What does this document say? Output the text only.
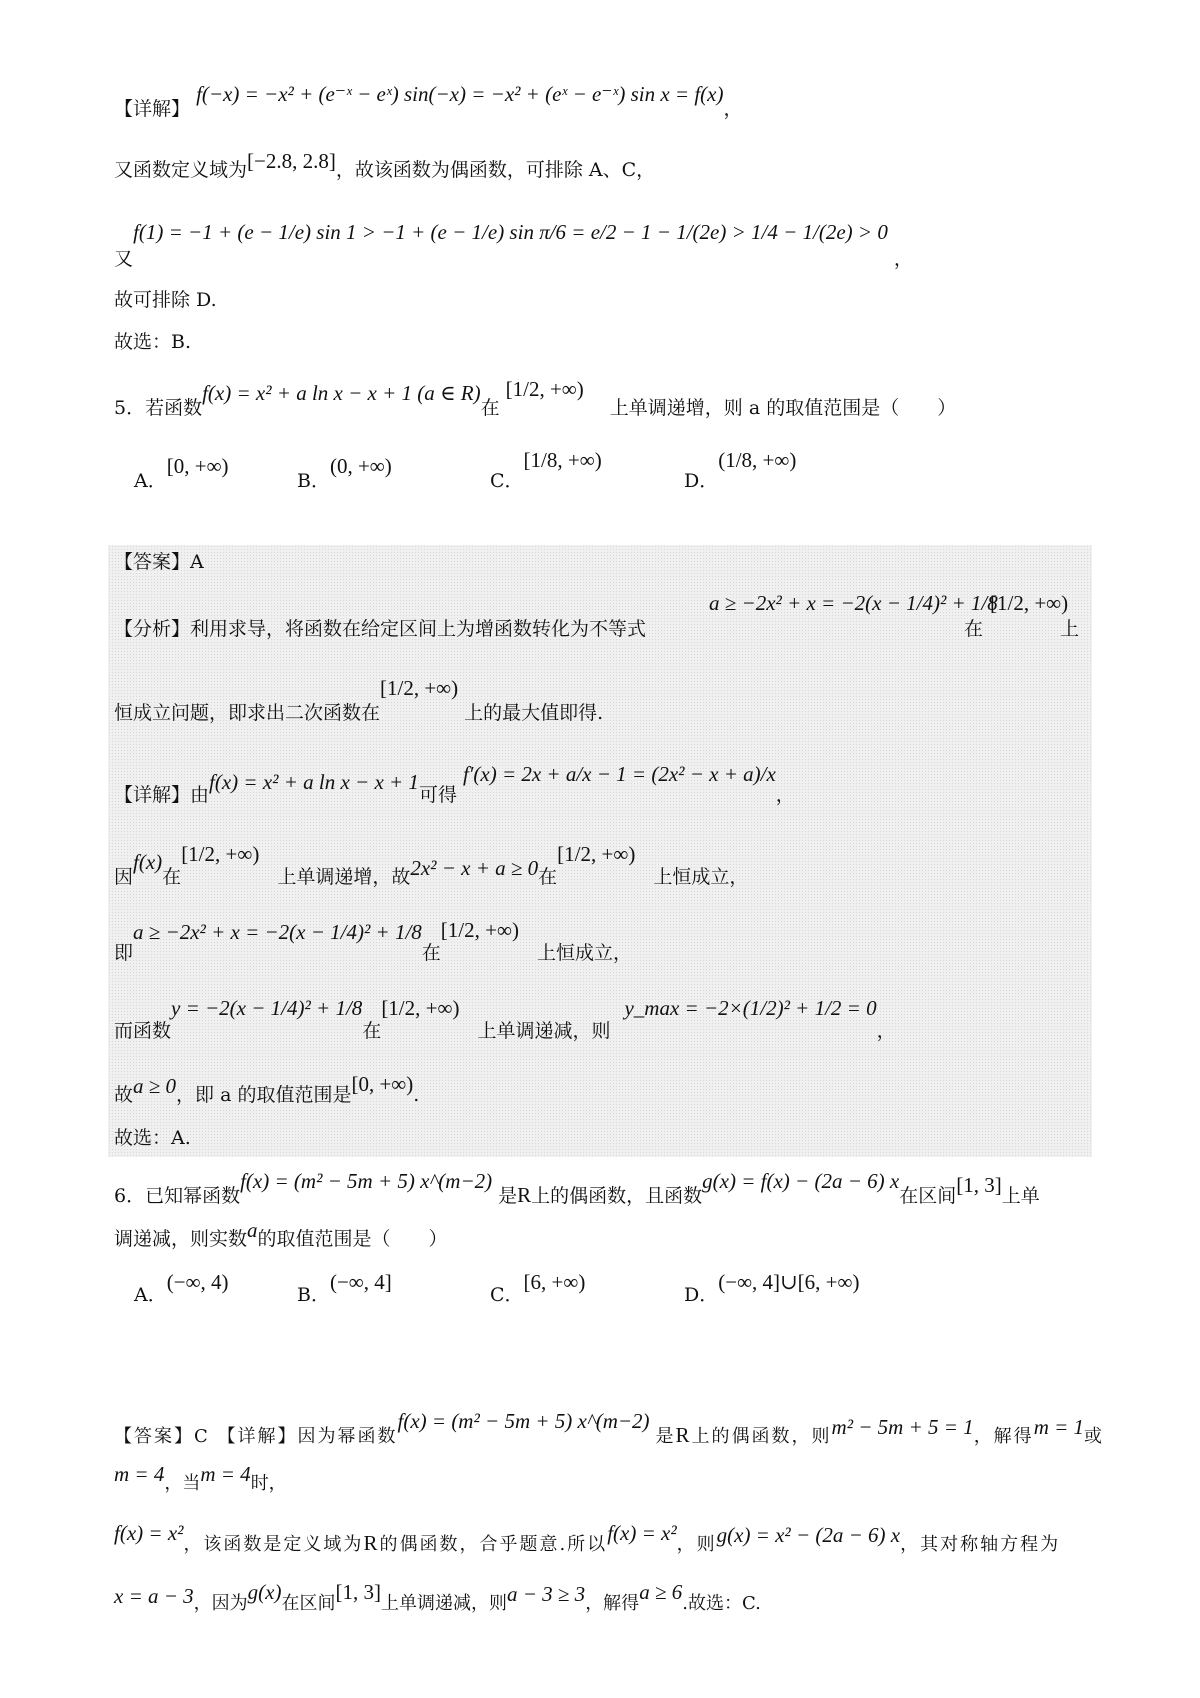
【详解】 f(−x) = −x² + (e⁻ˣ − eˣ) sin(−x) = −x² + (eˣ − e⁻ˣ) sin x = f(x)，
又函数定义域为[−2.8, 2.8]，故该函数为偶函数，可排除 A、C，
又 f(1) = −1 + (e − 1/e) sin 1 > −1 + (e − 1/e) sin π/6 = e/2 − 1 − 1/(2e) > 1/4 − 1/(2e) > 0，
故可排除 D.
故选：B.
5．若函数f(x) = x² + a ln x − x + 1 (a ∈ R)在[1/2, +∞)上单调递增，则 a 的取值范围是（　　）
A．[0, +∞)
B．(0, +∞)
C．[1/8, +∞)
D．(1/8, +∞)
【答案】A
【分析】利用求导，将函数在给定区间上为增函数转化为不等式
a ≥ −2x² + x = −2(x − 1/4)² + 1/8
在
[1/2, +∞)
上
恒成立问题，即求出二次函数在[1/2, +∞)上的最大值即得.
【详解】由f(x) = x² + a ln x − x + 1可得f′(x) = 2x + a/x − 1 = (2x² − x + a)/x，
因f(x)在[1/2, +∞)上单调递增，故2x² − x + a ≥ 0在[1/2, +∞)上恒成立，
即a ≥ −2x² + x = −2(x − 1/4)² + 1/8在[1/2, +∞)上恒成立，
而函数y = −2(x − 1/4)² + 1/8在[1/2, +∞)上单调递减，则y_max = −2×(1/2)² + 1/2 = 0，
故a ≥ 0，即 a 的取值范围是[0, +∞).
故选：A.
6．已知幂函数f(x) = (m² − 5m + 5) x^(m−2)是R上的偶函数，且函数g(x) = f(x) − (2a − 6) x在区间[1, 3]上单
调递减，则实数a的取值范围是（　　）
A．(−∞, 4)
B．(−∞, 4]
C．[6, +∞)
D．(−∞, 4]∪[6, +∞)
【答案】C 【详解】因为幂函数f(x) = (m² − 5m + 5) x^(m−2)是R上的偶函数，则m² − 5m + 5 = 1，解得m = 1或
m = 4，当m = 4时，
f(x) = x²，该函数是定义域为R的偶函数，合乎题意.所以f(x) = x²，则g(x) = x² − (2a − 6) x，其对称轴方程为
x = a − 3，因为g(x)在区间[1, 3]上单调递减，则a − 3 ≥ 3，解得a ≥ 6.故选：C.
